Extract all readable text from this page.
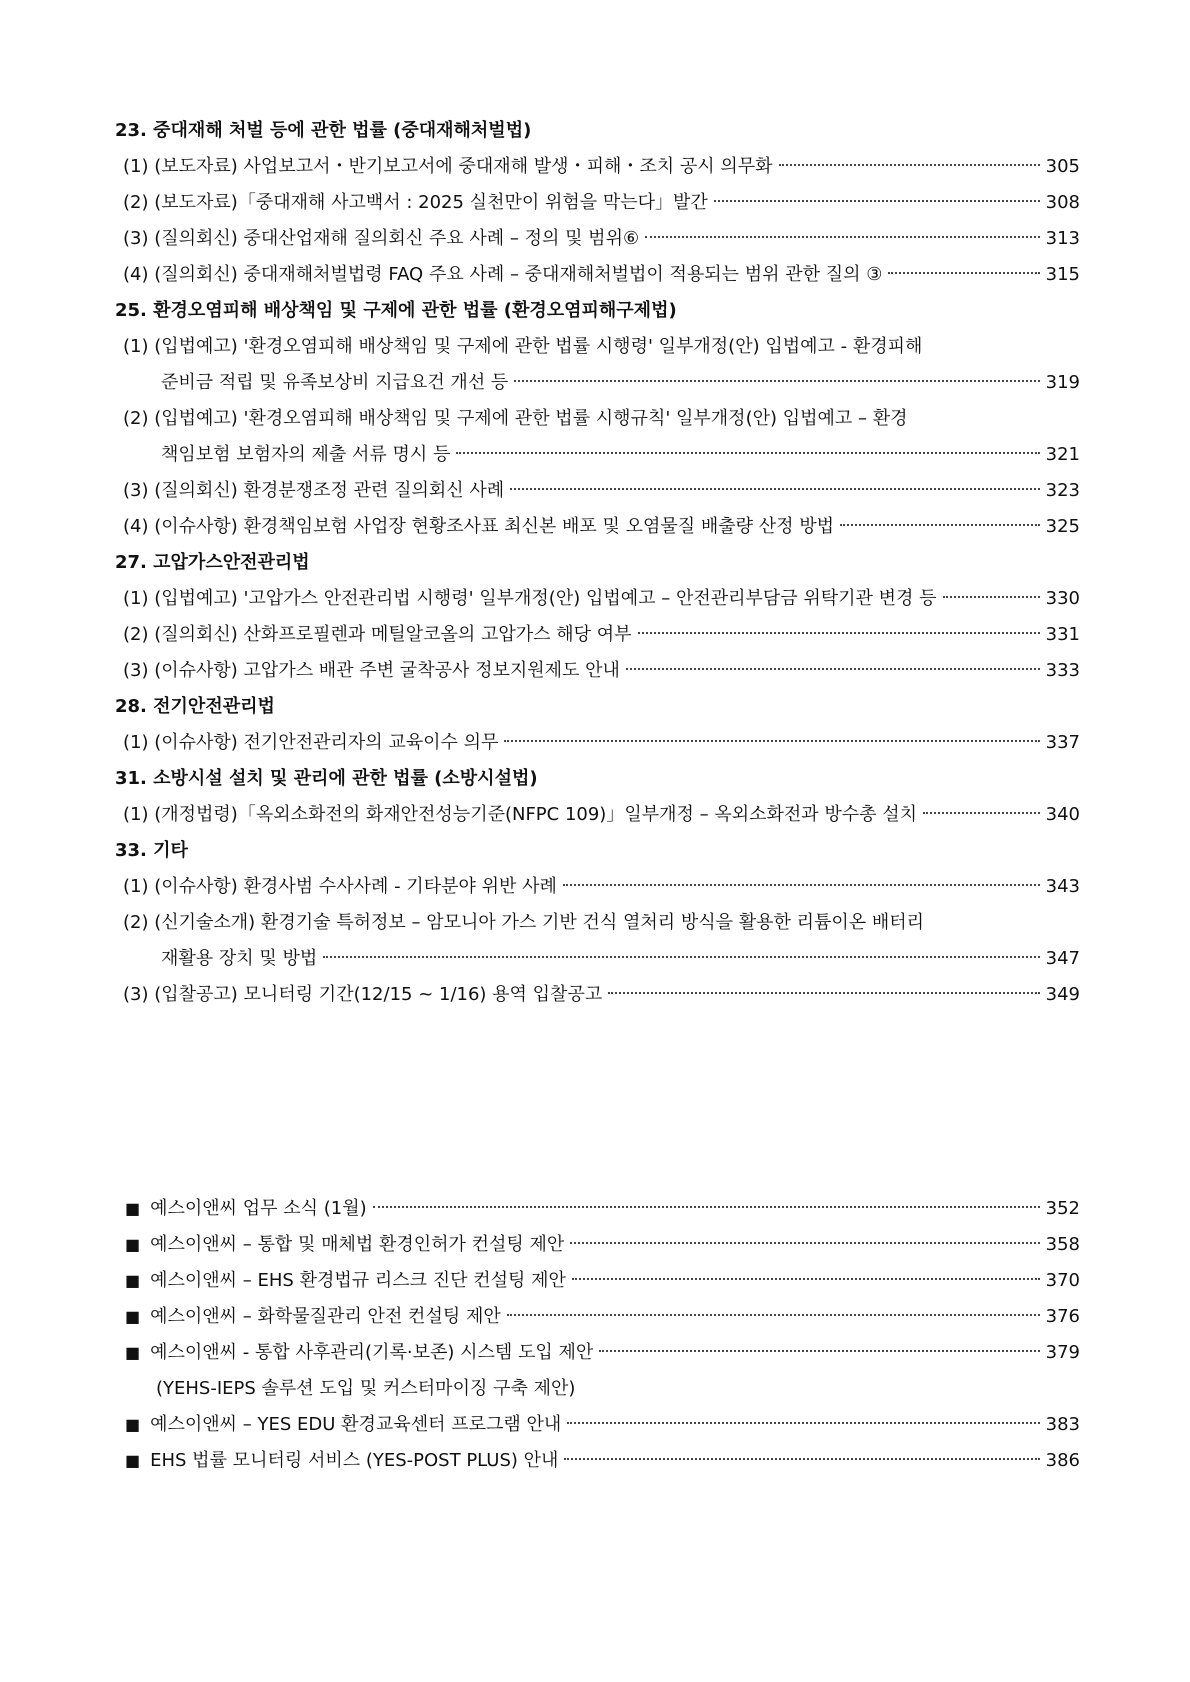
23. 중대재해 처벌 등에 관한 법률 (중대재해처벌법)
(1) (보도자료) 사업보고서・반기보고서에 중대재해 발생・피해・조치 공시 의무화	305
(2) (보도자료)「중대재해 사고백서 : 2025 실천만이 위험을 막는다」발간	308
(3) (질의회신) 중대산업재해 질의회신 주요 사례 – 정의 및 범위⑥	313
(4) (질의회신) 중대재해처벌법령 FAQ 주요 사례 – 중대재해처벌법이 적용되는 범위 관한 질의 ③	315
25. 환경오염피해 배상책임 및 구제에 관한 법률 (환경오염피해구제법)
(1) (입법예고) '환경오염피해 배상책임 및 구제에 관한 법률 시행령' 일부개정(안) 입법예고 - 환경피해
준비금 적립 및 유족보상비 지급요건 개선 등	319
(2) (입법예고) '환경오염피해 배상책임 및 구제에 관한 법률 시행규칙' 일부개정(안) 입법예고 – 환경
책임보험 보험자의 제출 서류 명시 등	321
(3) (질의회신) 환경분쟁조정 관련 질의회신 사례	323
(4) (이슈사항) 환경책임보험 사업장 현황조사표 최신본 배포 및 오염물질 배출량 산정 방법	325
27. 고압가스안전관리법
(1) (입법예고) '고압가스 안전관리법 시행령' 일부개정(안) 입법예고 – 안전관리부담금 위탁기관 변경 등	330
(2) (질의회신) 산화프로필렌과 메틸알코올의 고압가스 해당 여부	331
(3) (이슈사항) 고압가스 배관 주변 굴착공사 정보지원제도 안내	333
28. 전기안전관리법
(1) (이슈사항) 전기안전관리자의 교육이수 의무	337
31. 소방시설 설치 및 관리에 관한 법률 (소방시설법)
(1) (개정법령)「옥외소화전의 화재안전성능기준(NFPC 109)」일부개정 – 옥외소화전과 방수총 설치	340
33. 기타
(1) (이슈사항) 환경사범 수사사례 - 기타분야 위반 사례	343
(2) (신기술소개) 환경기술 특허정보 – 암모니아 가스 기반 건식 열처리 방식을 활용한 리튬이온 배터리
재활용 장치 및 방법	347
(3) (입찰공고) 모니터링 기간(12/15 ~ 1/16) 용역 입찰공고	349
■ 예스이앤씨 업무 소식 (1월)	352
■ 예스이앤씨 – 통합 및 매체법 환경인허가 컨설팅 제안	358
■ 예스이앤씨 – EHS 환경법규 리스크 진단 컨설팅 제안	370
■ 예스이앤씨 – 화학물질관리 안전 컨설팅 제안	376
■ 예스이앤씨 - 통합 사후관리(기록·보존) 시스템 도입 제안	379
(YEHS-IEPS 솔루션 도입 및 커스터마이징 구축 제안)
■ 예스이앤씨 – YES EDU 환경교육센터 프로그램 안내	383
■ EHS 법률 모니터링 서비스 (YES-POST PLUS) 안내	386
